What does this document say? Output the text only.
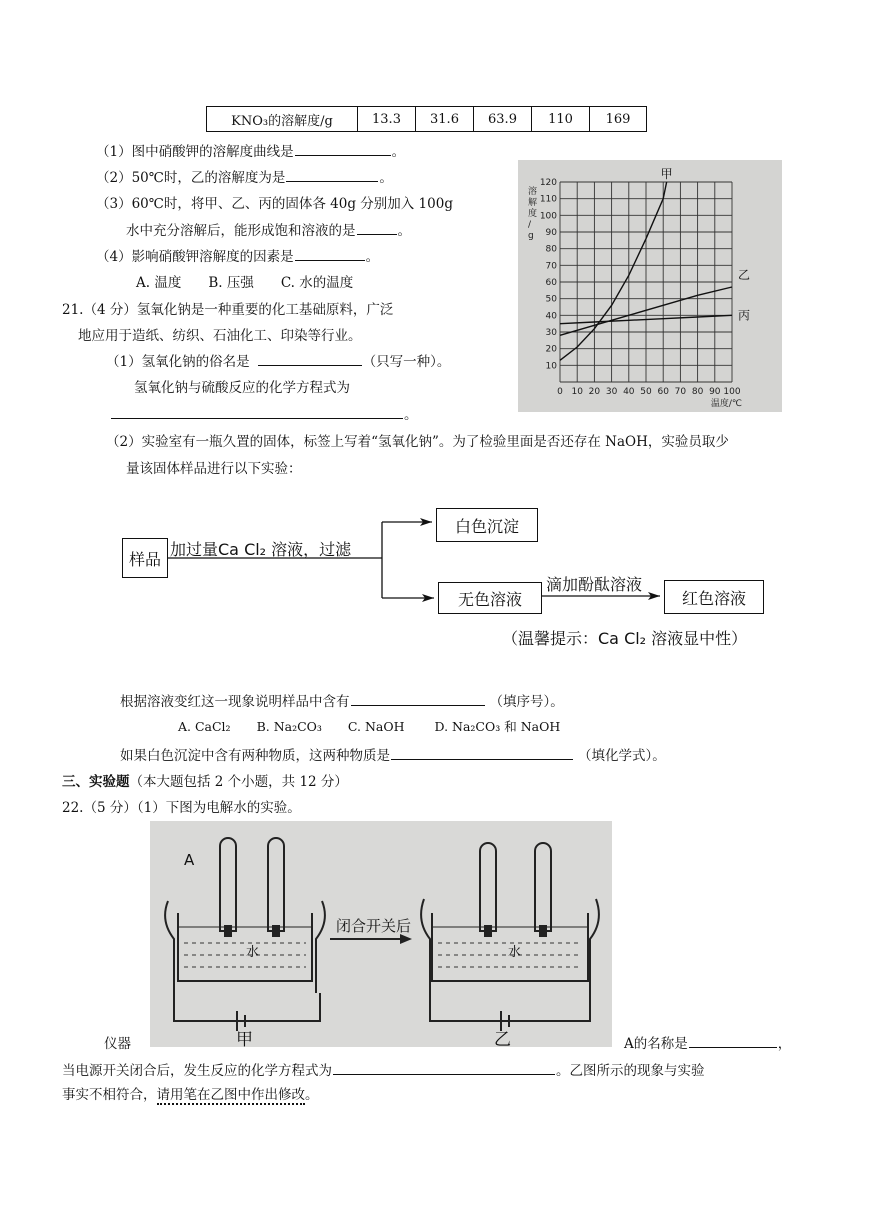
KNO₃的溶解度/g	13.3	31.6	63.9	110	169
（1）图中硝酸钾的溶解度曲线是	。
（2）50℃时，乙的溶解度为是	。
（3）60℃时，将甲、乙、丙的固体各 40g 分别加入 100g
水中充分溶解后，能形成饱和溶液的是	。
（4）影响硝酸钾溶解度的因素是	。
A. 温度　　B. 压强　　C. 水的温度
0 10 20 30 40 50 60 70 80 90 100
10
20
30
40
50
60
70
80
90
100
110
120
溶解度/ g
温度/℃
甲
乙
丙
21.（4 分）氢氧化钠是一种重要的化工基础原料，广泛
地应用于造纸、纺织、石油化工、印染等行业。
（1）氢氧化钠的俗名是	（只写一种）。
氢氧化钠与硫酸反应的化学方程式为
。
（2）实验室有一瓶久置的固体，标签上写着“氢氧化钠”。为了检验里面是否还存在 NaOH，实验员取少
量该固体样品进行以下实验：
样品 加过量Ca Cl₂ 溶液，过滤
白色沉淀
无色溶液
滴加酚酞溶液
红色溶液
（温馨提示：Ca Cl₂ 溶液显中性）
根据溶液变红这一现象说明样品中含有	（填序号）。
A. CaCl₂ B. Na₂CO₃ C. NaOH D. Na₂CO₃ 和 NaOH
如果白色沉淀中含有两种物质，这两种物质是	（填化学式）。
三、实验题（本大题包括 2 个小题，共 12 分）
22.（5 分）（1）下图为电解水的实验。
A
水	水
闭合开关后
甲	乙
仪器	A的名称是	，
当电源开关闭合后，发生反应的化学方程式为	。乙图所示的现象与实验
事实不相符合，请用笔在乙图中作出修改。
